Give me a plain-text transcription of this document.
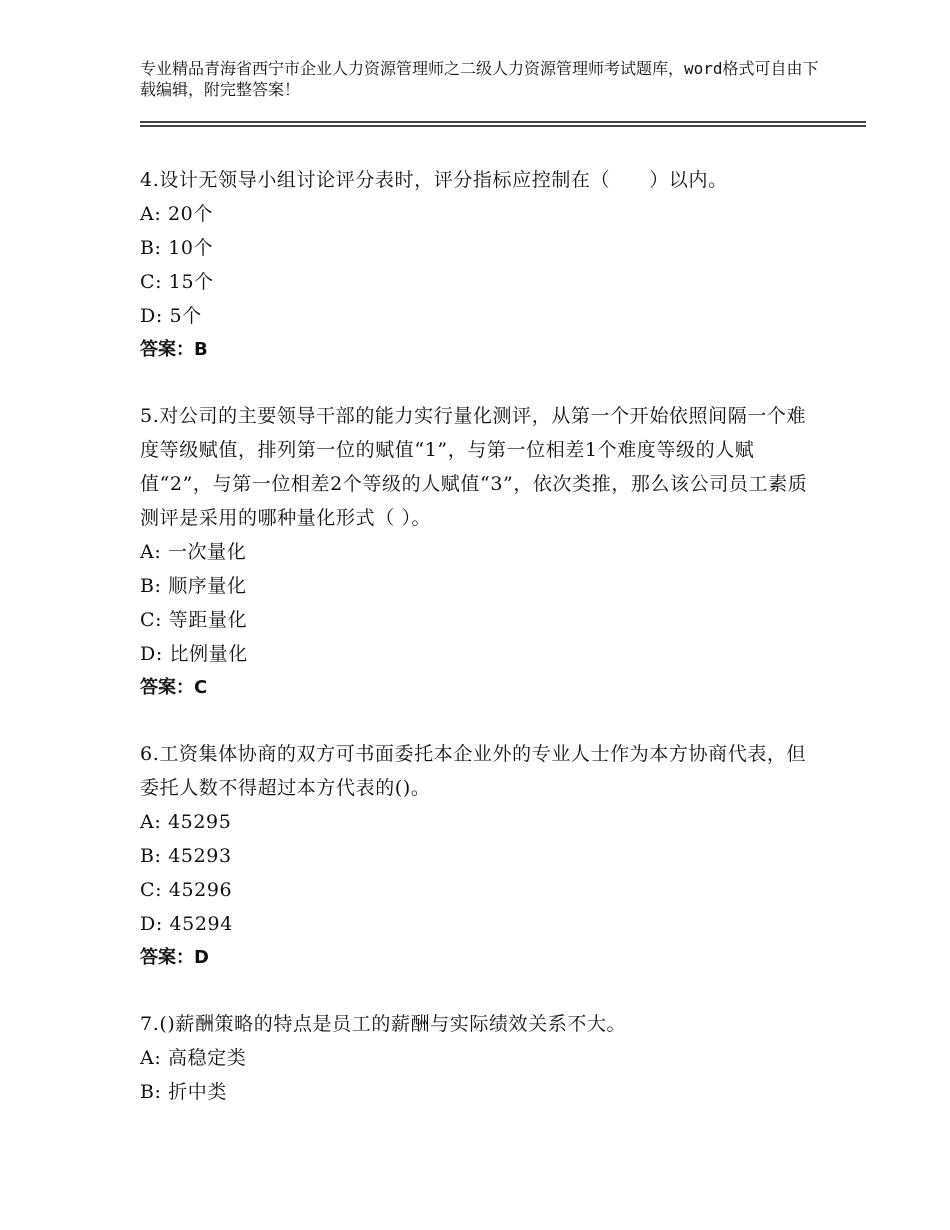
专业精品青海省西宁市企业人力资源管理师之二级人力资源管理师考试题库，word格式可自由下载编辑，附完整答案！
4.设计无领导小组讨论评分表时，评分指标应控制在（　　）以内。
A: 20个
B: 10个
C: 15个
D: 5个
答案：B
5.对公司的主要领导干部的能力实行量化测评，从第一个开始依照间隔一个难度等级赋值，排列第一位的赋值“1”，与第一位相差1个难度等级的人赋值“2”，与第一位相差2个等级的人赋值“3”，依次类推，那么该公司员工素质测评是采用的哪种量化形式（ ）。
A: 一次量化
B: 顺序量化
C: 等距量化
D: 比例量化
答案：C
6.工资集体协商的双方可书面委托本企业外的专业人士作为本方协商代表，但委托人数不得超过本方代表的()。
A: 45295
B: 45293
C: 45296
D: 45294
答案：D
7.()薪酬策略的特点是员工的薪酬与实际绩效关系不大。
A: 高稳定类
B: 折中类
